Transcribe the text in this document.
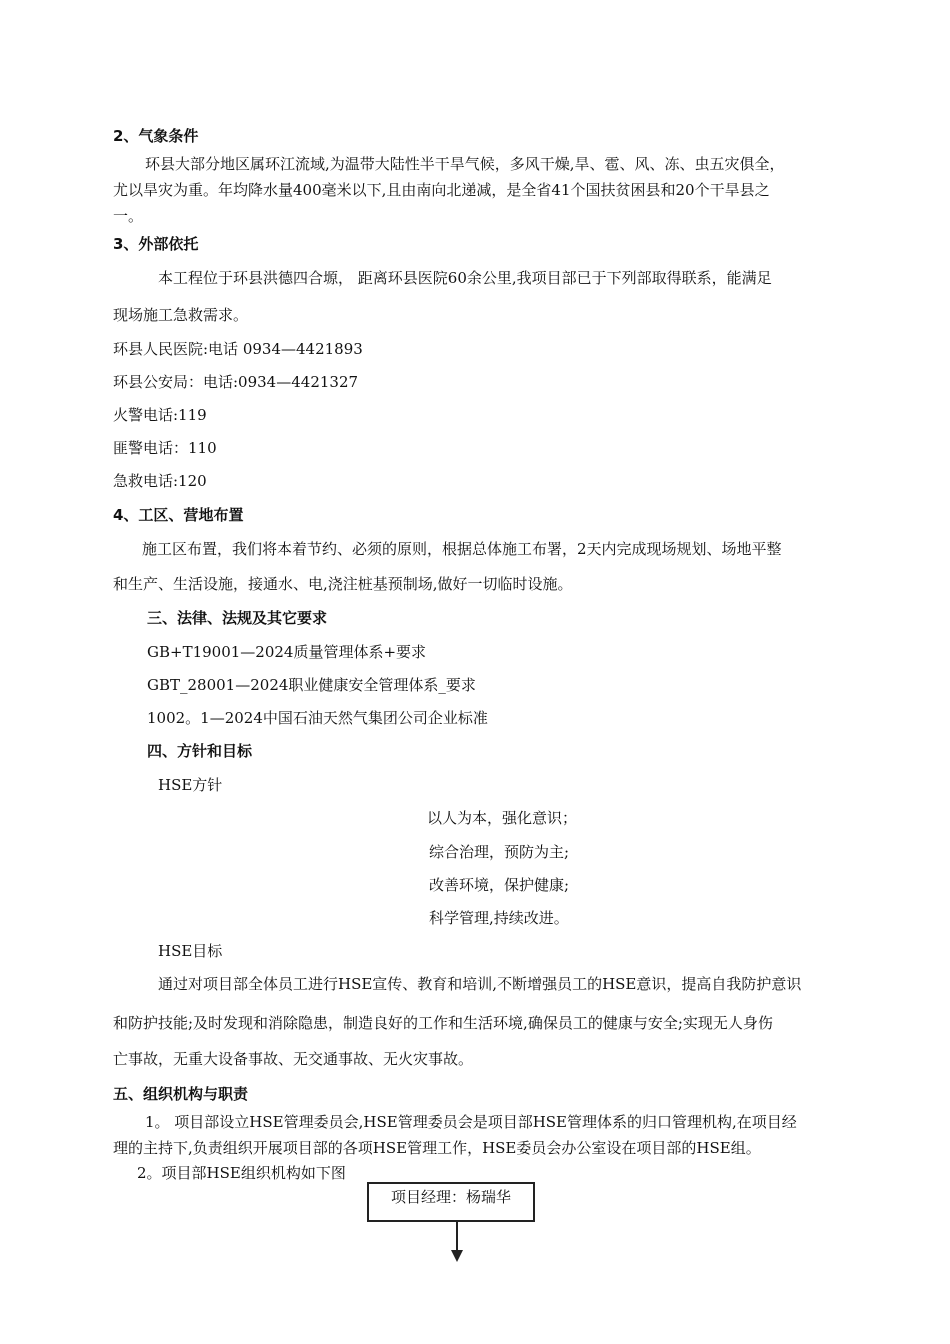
2、气象条件
环县大部分地区属环江流域,为温带大陆性半干旱气候，多风干燥,旱、雹、风、冻、虫五灾俱全，
尤以旱灾为重。年均降水量400毫米以下,且由南向北递减，是全省41个国扶贫困县和20个干旱县之
一。
3、外部依托
本工程位于环县洪德四合塬， 距离环县医院60余公里,我项目部已于下列部取得联系，能满足
现场施工急救需求。
环县人民医院:电话 0934—4421893
环县公安局：电话:0934—4421327
火警电话:119
匪警电话：110
急救电话:120
4、工区、营地布置
施工区布置，我们将本着节约、必须的原则，根据总体施工布署，2天内完成现场规划、场地平整
和生产、生活设施，接通水、电,浇注桩基预制场,做好一切临时设施。
三、法律、法规及其它要求
GB+T19001—2024质量管理体系+要求
GBT_28001—2024职业健康安全管理体系_要求
1002。1—2024中国石油天然气集团公司企业标准
四、方针和目标
HSE方针
以人为本，强化意识；
综合治理，预防为主;
改善环境，保护健康;
科学管理,持续改进。
HSE目标
通过对项目部全体员工进行HSE宣传、教育和培训,不断增强员工的HSE意识，提高自我防护意识
和防护技能;及时发现和消除隐患，制造良好的工作和生活环境,确保员工的健康与安全;实现无人身伤
亡事故，无重大设备事故、无交通事故、无火灾事故。
五、组织机构与职责
1。 项目部设立HSE管理委员会,HSE管理委员会是项目部HSE管理体系的归口管理机构,在项目经
理的主持下,负责组织开展项目部的各项HSE管理工作，HSE委员会办公室设在项目部的HSE组。
2。项目部HSE组织机构如下图
项目经理：杨瑞华
